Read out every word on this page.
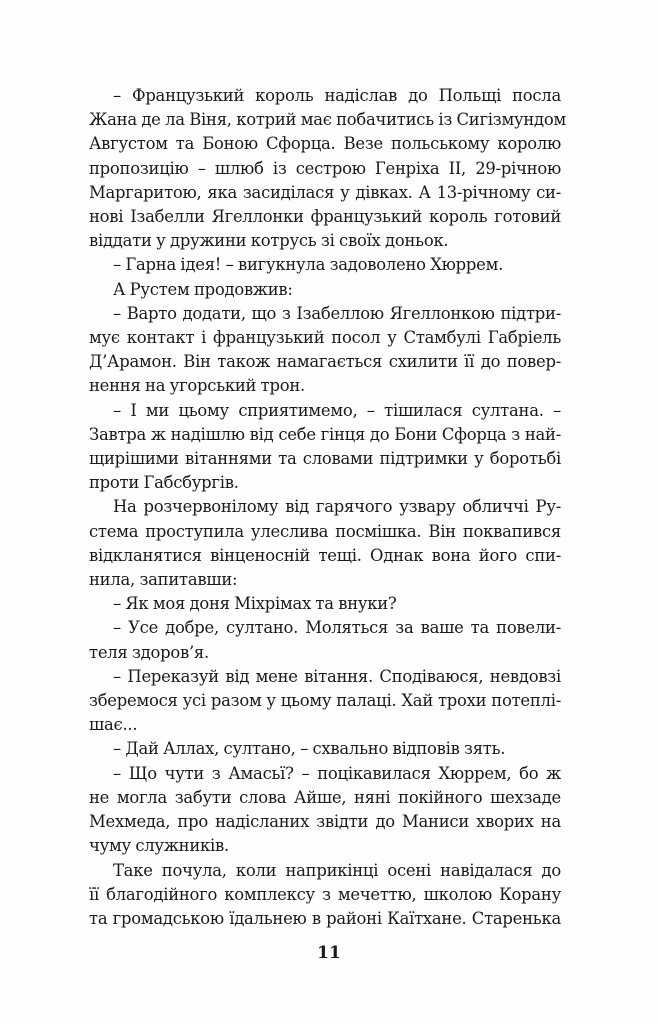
– Французький король надіслав до Польщі посла
Жана де ла Віня, котрий має побачитись із Сигізмундом
Августом та Боною Сфорца. Везе польському королю
пропозицію – шлюб із сестрою Генріха II, 29-річною
Маргаритою, яка засиділася у дівках. А 13-річному си-
нові Ізабелли Ягеллонки французький король готовий
віддати у дружини котрусь зі своїх доньок.
– Гарна ідея! – вигукнула задоволено Хюррем.
А Рустем продовжив:
– Варто додати, що з Ізабеллою Ягеллонкою підтри-
мує контакт і французький посол у Стамбулі Габріель
Д’Арамон. Він також намагається схилити її до повер-
нення на угорський трон.
– І ми цьому сприятимемо, – тішилася султана. –
Завтра ж надішлю від себе гінця до Бони Сфорца з най-
щирішими вітаннями та словами підтримки у боротьбі
проти Габсбургів.
На розчервонілому від гарячого узвару обличчі Ру-
стема проступила улеслива посмішка. Він поквапився
відкланятися вінценосній тещі. Однак вона його спи-
нила, запитавши:
– Як моя доня Міхрімах та внуки?
– Усе добре, султано. Моляться за ваше та повели-
теля здоров’я.
– Переказуй від мене вітання. Сподіваюся, невдовзі
зберемося усі разом у цьому палаці. Хай трохи потеплі-
шає...
– Дай Аллах, султано, – схвально відповів зять.
– Що чути з Амасьї? – поцікавилася Хюррем, бо ж
не могла забути слова Айше, няні покійного шехзаде
Мехмеда, про надісланих звідти до Маниси хворих на
чуму служників.
Таке почула, коли наприкінці осені навідалася до
її благодійного комплексу з мечеттю, школою Корану
та громадською їдальнею в районі Каїтхане. Старенька
11
